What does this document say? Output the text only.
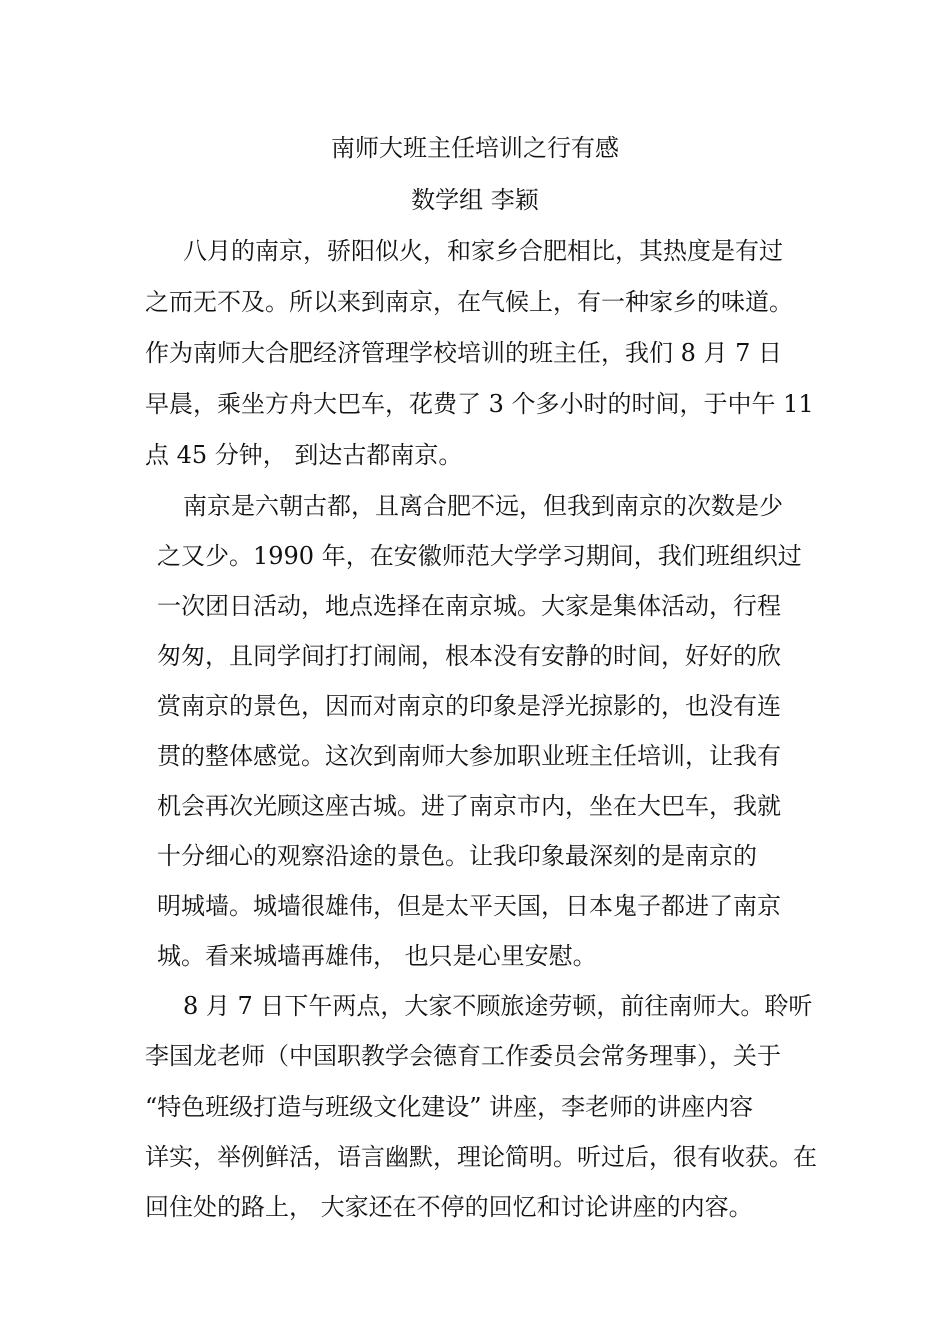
南师大班主任培训之行有感
数学组 李颖

八月的南京，骄阳似火，和家乡合肥相比，其热度是有过

之而无不及。所以来到南京，在气候上，有一种家乡的味道。

作为南师大合肥经济管理学校培训的班主任，我们 8 月 7 日

早晨，乘坐方舟大巴车，花费了 3 个多小时的时间，于中午 11

点 45 分钟， 到达古都南京。

南京是六朝古都，且离合肥不远，但我到南京的次数是少

之又少。1990 年，在安徽师范大学学习期间，我们班组织过

一次团日活动，地点选择在南京城。大家是集体活动，行程

匆匆，且同学间打打闹闹，根本没有安静的时间，好好的欣

赏南京的景色，因而对南京的印象是浮光掠影的，也没有连

贯的整体感觉。这次到南师大参加职业班主任培训，让我有

机会再次光顾这座古城。进了南京市内，坐在大巴车，我就

十分细心的观察沿途的景色。让我印象最深刻的是南京的

明城墙。城墙很雄伟，但是太平天国，日本鬼子都进了南京

城。看来城墙再雄伟， 也只是心里安慰。

8 月 7 日下午两点，大家不顾旅途劳顿，前往南师大。聆听

李国龙老师（中国职教学会德育工作委员会常务理事），关于

“特色班级打造与班级文化建设” 讲座，李老师的讲座内容

详实，举例鲜活，语言幽默，理论简明。听过后，很有收获。在

回住处的路上， 大家还在不停的回忆和讨论讲座的内容。
